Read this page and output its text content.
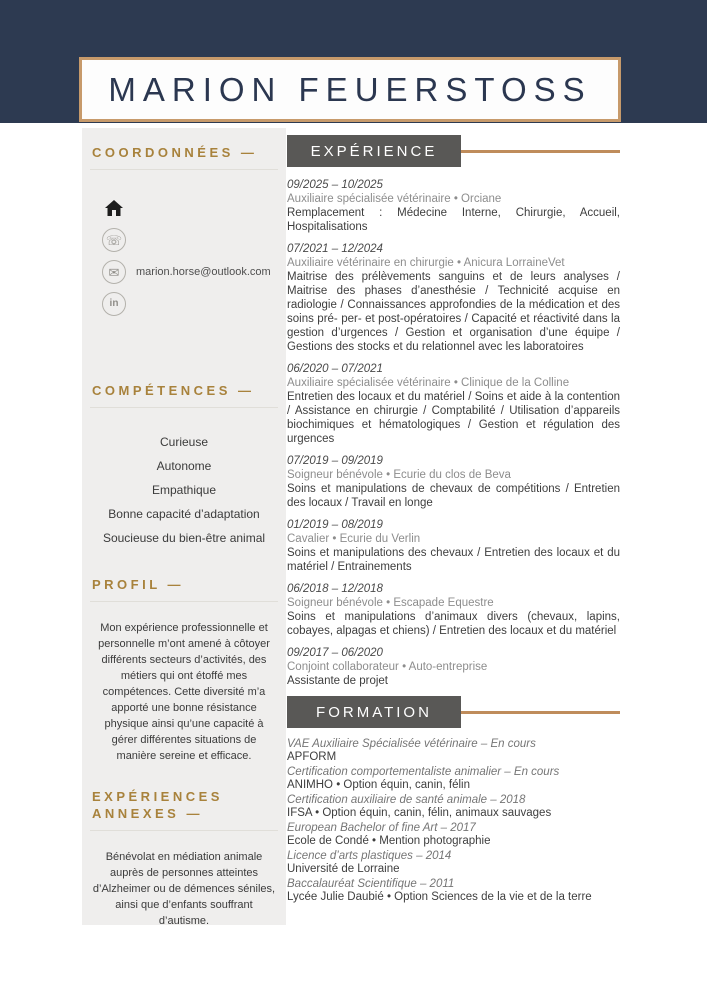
MARION FEUERSTOSS
COORDONNÉES —
☏
✉	marion.horse@outlook.com
in
COMPÉTENCES —
Curieuse
Autonome
Empathique
Bonne capacité d’adaptation
Soucieuse du bien-être animal
PROFIL —

Mon expérience professionnelle et personnelle m’ont amené à côtoyer différents secteurs d’activités, des métiers qui ont étoffé mes compétences. Cette diversité m’a apporté une bonne résistance physique ainsi qu’une capacité à gérer différentes situations de manière sereine et efficace.

EXPÉRIENCES ANNEXES —

Bénévolat en médiation animale auprès de personnes atteintes d’Alzheimer ou de démences séniles, ainsi que d’enfants souffrant d’autisme.

EXPÉRIENCE
09/2025 – 10/2025
Auxiliaire spécialisée vétérinaire • Orciane
Remplacement : Médecine Interne, Chirurgie, Accueil, Hospitalisations
07/2021 – 12/2024
Auxiliaire vétérinaire en chirurgie • Anicura LorraineVet
Maitrise des prélèvements sanguins et de leurs analyses / Maitrise des phases d’anesthésie / Technicité acquise en radiologie / Connaissances approfondies de la médication et des soins pré- per- et post-opératoires / Capacité et réactivité dans la gestion d’urgences / Gestion et organisation d’une équipe / Gestions des stocks et du relationnel avec les laboratoires
06/2020 – 07/2021
Auxiliaire spécialisée vétérinaire • Clinique de la Colline
Entretien des locaux et du matériel / Soins et aide à la contention / Assistance en chirurgie / Comptabilité / Utilisation d’appareils biochimiques et hématologiques / Gestion et régulation des urgences
07/2019 – 09/2019
Soigneur bénévole • Ecurie du clos de Beva
Soins et manipulations de chevaux de compétitions / Entretien des locaux / Travail en longe
01/2019 – 08/2019
Cavalier • Ecurie du Verlin
Soins et manipulations des chevaux / Entretien des locaux et du matériel / Entrainements
06/2018 – 12/2018
Soigneur bénévole • Escapade Equestre
Soins et manipulations d’animaux divers (chevaux, lapins, cobayes, alpagas et chiens) / Entretien des locaux et du matériel
09/2017 – 06/2020
Conjoint collaborateur • Auto-entreprise
Assistante de projet
FORMATION
VAE Auxiliaire Spécialisée vétérinaire – En cours
APFORM
Certification comportementaliste animalier – En cours
ANIMHO • Option équin, canin, félin
Certification auxiliaire de santé animale – 2018
IFSA • Option équin, canin, félin, animaux sauvages
European Bachelor of fine Art – 2017
Ecole de Condé • Mention photographie
Licence d’arts plastiques – 2014
Université de Lorraine
Baccalauréat Scientifique – 2011
Lycée Julie Daubié • Option Sciences de la vie et de la terre
